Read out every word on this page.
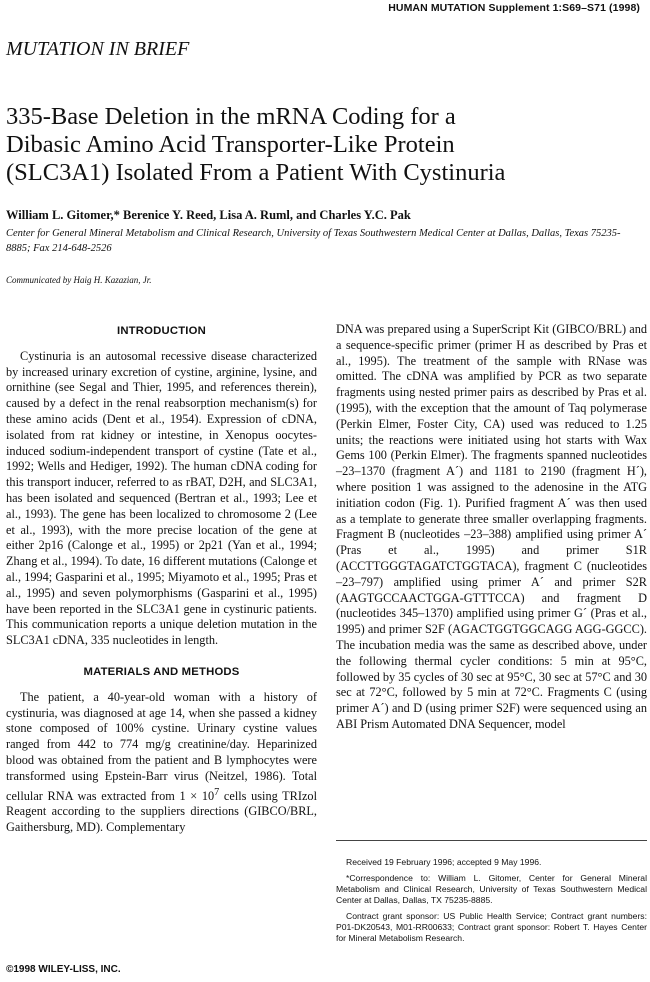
HUMAN MUTATION Supplement 1:S69–S71 (1998)
MUTATION IN BRIEF
335-Base Deletion in the mRNA Coding for a
Dibasic Amino Acid Transporter-Like Protein
(SLC3A1) Isolated From a Patient With Cystinuria
William L. Gitomer,* Berenice Y. Reed, Lisa A. Ruml, and Charles Y.C. Pak
Center for General Mineral Metabolism and Clinical Research, University of Texas Southwestern Medical Center at Dallas, Dallas, Texas 75235-8885; Fax 214-648-2526
Communicated by Haig H. Kazazian, Jr.
INTRODUCTION

Cystinuria is an autosomal recessive disease characterized by increased urinary excretion of cystine, arginine, lysine, and ornithine (see Segal and Thier, 1995, and references therein), caused by a defect in the renal reabsorption mechanism(s) for these amino acids (Dent et al., 1954). Expression of cDNA, isolated from rat kidney or intestine, in Xenopus oocytes-induced sodium-independent transport of cystine (Tate et al., 1992; Wells and Hediger, 1992). The human cDNA coding for this transport inducer, referred to as rBAT, D2H, and SLC3A1, has been isolated and sequenced (Bertran et al., 1993; Lee et al., 1993). The gene has been localized to chromosome 2 (Lee et al., 1993), with the more precise location of the gene at either 2p16 (Calonge et al., 1995) or 2p21 (Yan et al., 1994; Zhang et al., 1994). To date, 16 different mutations (Calonge et al., 1994; Gasparini et al., 1995; Miyamoto et al., 1995; Pras et al., 1995) and seven polymorphisms (Gasparini et al., 1995) have been reported in the SLC3A1 gene in cystinuric patients. This communication reports a unique deletion mutation in the SLC3A1 cDNA, 335 nucleotides in length.

MATERIALS AND METHODS

The patient, a 40-year-old woman with a history of cystinuria, was diagnosed at age 14, when she passed a kidney stone composed of 100% cystine. Urinary cystine values ranged from 442 to 774 mg/g creatinine/day. Heparinized blood was obtained from the patient and B lymphocytes were transformed using Epstein-Barr virus (Neitzel, 1986). Total cellular RNA was extracted from $1 \times 10^7$ cells using TRIzol Reagent according to the suppliers directions (GIBCO/BRL, Gaithersburg, MD). Complementary

DNA was prepared using a SuperScript Kit (GIBCO/BRL) and a sequence-specific primer (primer H as described by Pras et al., 1995). The treatment of the sample with RNase was omitted. The cDNA was amplified by PCR as two separate fragments using nested primer pairs as described by Pras et al. (1995), with the exception that the amount of Taq polymerase (Perkin Elmer, Foster City, CA) used was reduced to 1.25 units; the reactions were initiated using hot starts with Wax Gems 100 (Perkin Elmer). The fragments spanned nucleotides –23–1370 (fragment A´) and 1181 to 2190 (fragment H´), where position 1 was assigned to the adenosine in the ATG initiation codon (Fig. 1). Purified fragment A´ was then used as a template to generate three smaller overlapping fragments. Fragment B (nucleotides –23–388) amplified using primer A´ (Pras et al., 1995) and primer S1R (ACCTTGGGTAGATCTGGTACA), fragment C (nucleotides –23–797) amplified using primer A´ and primer S2R (AAGTGCCAACTGGA-GTTTCCA) and fragment D (nucleotides 345–1370) amplified using primer G´ (Pras et al., 1995) and primer S2F (AGACTGGTGGCAGG AGG-GGCC). The incubation media was the same as described above, under the following thermal cycler conditions: 5 min at 95°C, followed by 35 cycles of 30 sec at 95°C, 30 sec at 57°C and 30 sec at 72°C, followed by 5 min at 72°C. Fragments C (using primer A´) and D (using primer S2F) were sequenced using an ABI Prism Automated DNA Sequencer, model

Received 19 February 1996; accepted 9 May 1996.

*Correspondence to: William L. Gitomer, Center for General Mineral Metabolism and Clinical Research, University of Texas Southwestern Medical Center at Dallas, Dallas, TX 75235-8885.

Contract grant sponsor: US Public Health Service; Contract grant numbers: P01-DK20543, M01-RR00633; Contract grant sponsor: Robert T. Hayes Center for Mineral Metabolism Research.

©1998 WILEY-LISS, INC.
